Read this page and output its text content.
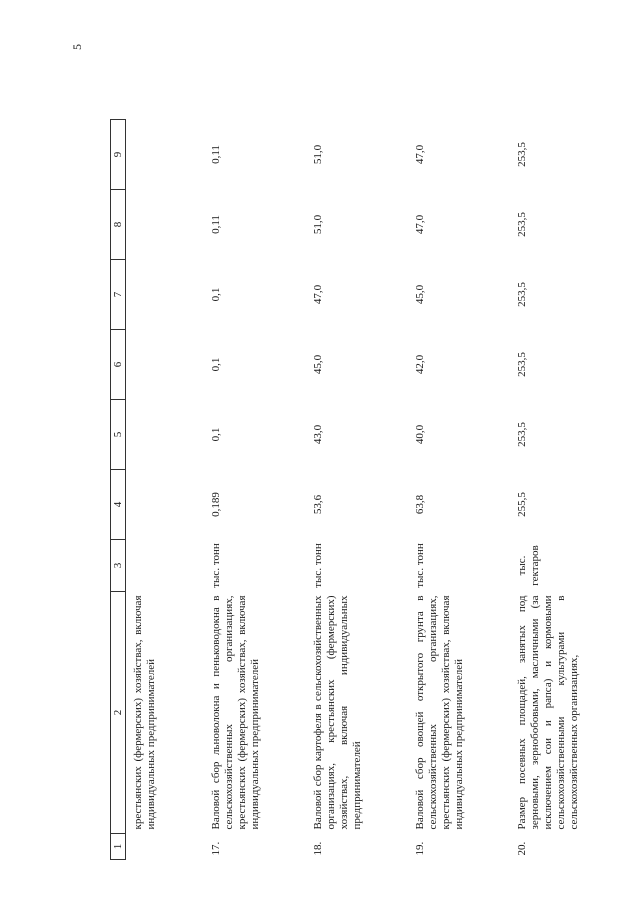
5
1	2	3	4	5	6	7	8	9
	крестьянских (фермерских) хозяйствах, включая индивидуальных предпринимателей							
17.	Валовой сбор льноволокна и пеньководокна в сельскохозяйственных организациях, крестьянских (фермерских) хозяйствах, включая индивидуальных предпринимателей	тыс. тонн	0,189	0,1	0,1	0,1	0,11	0,11
18.	Валовой сбор картофеля в сельскохозяйственных организациях, крестьянских (фермерских) хозяйствах, включая индивидуальных предпринимателей	тыс. тонн	53,6	43,0	45,0	47,0	51,0	51,0
19.	Валовой сбор овощей открытого грунта в сельскохозяйственных организациях, крестьянских (фермерских) хозяйствах, включая индивидуальных предпринимателей	тыс. тонн	63,8	40,0	42,0	45,0	47,0	47,0
20.	Размер посевных площадей, занятых под зерновыми, зернобобовыми, масличными (за исключением сои и рапса) и кормовыми сельскохозяйственными культурами в сельскохозяйственных организациях,	тыс. гектаров	255,5	253,5	253,5	253,5	253,5	253,5
